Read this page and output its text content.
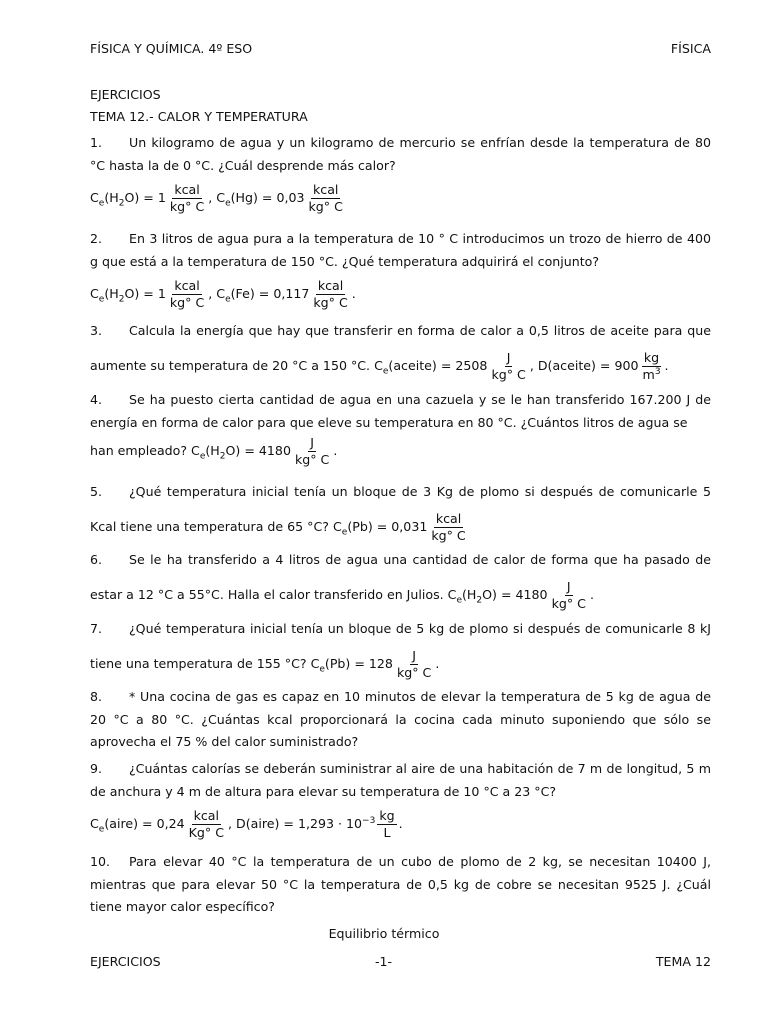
FÍSICA Y QUÍMICA. 4º ESO	FÍSICA
EJERCICIOS
TEMA 12.- CALOR Y TEMPERATURA

1. Un kilogramo de agua y un kilogramo de mercurio se enfrían desde la temperatura de 80 °C hasta la de 0 °C. ¿Cuál desprende más calor?

$C_e(H_2O) = 1 \frac{\text{kcal}}{kg^\circ C}$ , $C_e(Hg) = 0,03 \frac{\text{kcal}}{kg^\circ C}$

2. En 3 litros de agua pura a la temperatura de 10 ° C introducimos un trozo de hierro de 400 g que está a la temperatura de 150 °C. ¿Qué temperatura adquirirá el conjunto?

$C_e(H_2O) = 1 \frac{\text{kcal}}{kg^\circ C}$ , $C_e(Fe) = 0,117 \frac{\text{kcal}}{kg^\circ C}$ .

3. Calcula la energía que hay que transferir en forma de calor a 0,5 litros de aceite para que

aumente su temperatura de 20 °C a 150 °C. $C_e(aceite) = 2508 \frac{J}{kg^\circ C}$ , D(aceite) = $900 \frac{kg}{m^3}$ .

4. Se ha puesto cierta cantidad de agua en una cazuela y se le han transferido 167.200 J de energía en forma de calor para que eleve su temperatura en 80 °C. ¿Cuántos litros de agua se

han empleado? $C_e(H_2O) = 4180 \frac{J}{kg^\circ C}$ .

5. ¿Qué temperatura inicial tenía un bloque de 3 Kg de plomo si después de comunicarle 5

Kcal tiene una temperatura de 65 °C? $C_e(Pb) = 0,031 \frac{\text{kcal}}{kg^\circ C}$

6. Se le ha transferido a 4 litros de agua una cantidad de calor de forma que ha pasado de

estar a 12 °C a 55°C. Halla el calor transferido en Julios. $C_e(H_2O) = 4180 \frac{J}{kg^\circ C}$ .

7. ¿Qué temperatura inicial tenía un bloque de 5 kg de plomo si después de comunicarle 8 kJ

tiene una temperatura de 155 °C? $C_e(Pb) = 128 \frac{J}{kg^\circ C}$ .

8. * Una cocina de gas es capaz en 10 minutos de elevar la temperatura de 5 kg de agua de 20 °C a 80 °C. ¿Cuántas kcal proporcionará la cocina cada minuto suponiendo que sólo se aprovecha el 75 % del calor suministrado?

9. ¿Cuántas calorías se deberán suministrar al aire de una habitación de 7 m de longitud, 5 m de anchura y 4 m de altura para elevar su temperatura de 10 °C a 23 °C?

$C_e(aire) = 0,24 \frac{\text{kcal}}{Kg^\circ C}$ , D(aire) = $1,293 \cdot 10^{-3} \frac{kg}{L}$ .

10. Para elevar 40 °C la temperatura de un cubo de plomo de 2 kg, se necesitan 10400 J, mientras que para elevar 50 °C la temperatura de 0,5 kg de cobre se necesitan 9525 J. ¿Cuál tiene mayor calor específico?

Equilibrio térmico
EJERCICIOS	-1-	TEMA 12
